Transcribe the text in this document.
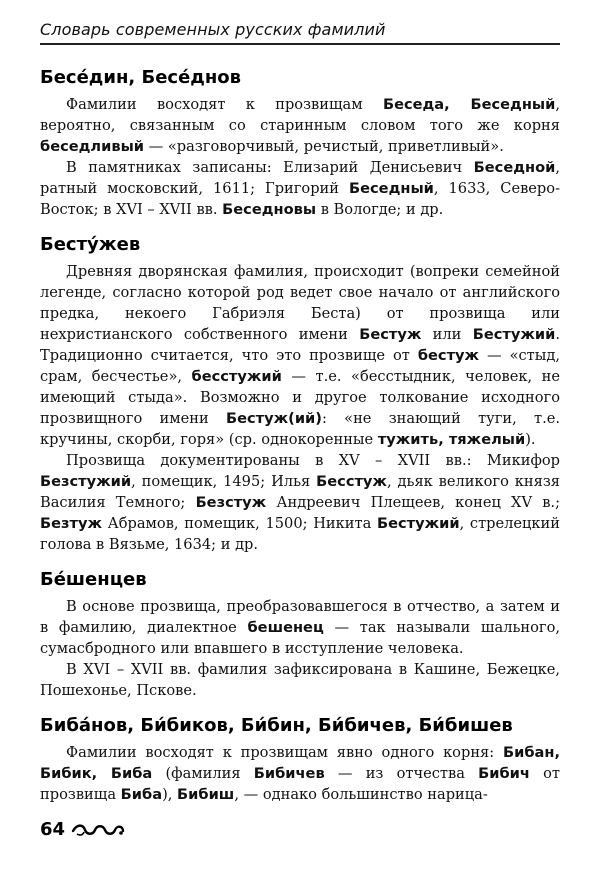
Словарь современных русских фамилий
Бесе́дин, Бесе́днов

Фамилии восходят к прозвищам Беседа, Беседный, вероятно, связанным со старинным словом того же корня беседливый — «разговорчивый, речистый, приветливый».

В памятниках записаны: Елизарий Денисьевич Беседной, ратный московский, 1611; Григорий Беседный, 1633, Северо-Восток; в XVI – XVII вв. Беседновы в Вологде; и др.

Бесту́жев

Древняя дворянская фамилия, происходит (вопреки семейной легенде, согласно которой род ведет свое начало от английского предка, некоего Габриэля Беста) от прозвища или нехристианского собственного имени Бестуж или Бестужий. Традиционно считается, что это прозвище от бестуж — «стыд, срам, бесчестье», бесстужий — т.е. «бесстыдник, человек, не имеющий стыда». Возможно и другое толкование исходного прозвищного имени Бестуж(ий): «не знающий туги, т.е. кручины, скорби, горя» (ср. однокоренные тужить, тяжелый).

Прозвища документированы в XV – XVII вв.: Микифор Безстужий, помещик, 1495; Илья Бесстуж, дьяк великого князя Василия Темного; Безстуж Андреевич Плещеев, конец XV в.; Безтуж Абрамов, помещик, 1500; Никита Бестужий, стрелецкий голова в Вязьме, 1634; и др.

Бе́шенцев

В основе прозвища, преобразовавшегося в отчество, а затем и в фамилию, диалектное бешенец — так называли шального, сумасбродного или впавшего в исступление человека.

В XVI – XVII вв. фамилия зафиксирована в Кашине, Бежецке, Пошехонье, Пскове.

Биба́нов, Би́биков, Би́бин, Би́бичев, Би́бишев

Фамилии восходят к прозвищам явно одного корня: Бибан, Бибик, Биба (фамилия Бибичев — из отчества Бибич от прозвища Биба), Бибиш, — однако большинство нарица-

64
